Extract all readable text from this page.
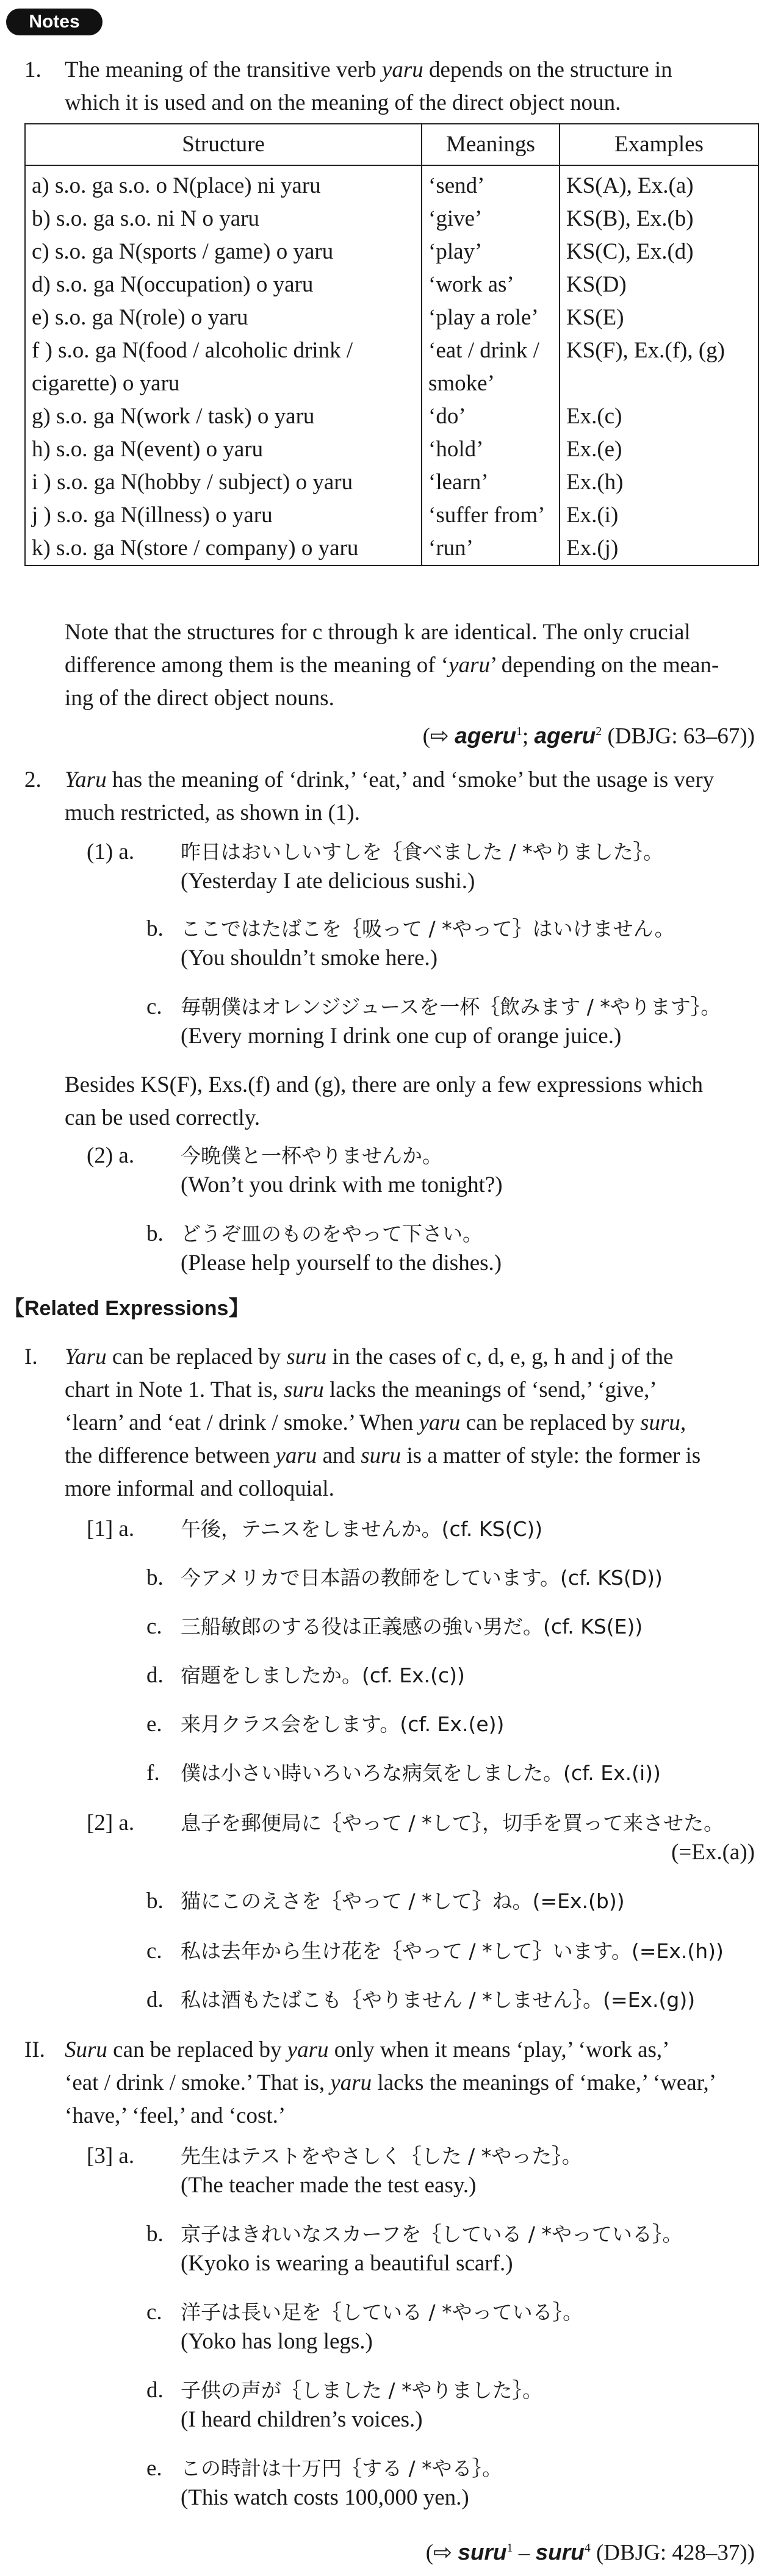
Notes
1. The meaning of the transitive verb yaru depends on the structure in
which it is used and on the meaning of the direct object noun.
Structure	Meanings	Examples
a) s.o. ga s.o. o N(place) ni yaru	‘send’	KS(A), Ex.(a)
b) s.o. ga s.o. ni N o yaru	‘give’	KS(B), Ex.(b)
c) s.o. ga N(sports / game) o yaru	‘play’	KS(C), Ex.(d)
d) s.o. ga N(occupation) o yaru	‘work as’	KS(D)
e) s.o. ga N(role) o yaru	‘play a role’	KS(E)
f ) s.o. ga N(food / alcoholic drink /	‘eat / drink /	KS(F), Ex.(f), (g)
cigarette) o yaru	smoke’	
g) s.o. ga N(work / task) o yaru	‘do’	Ex.(c)
h) s.o. ga N(event) o yaru	‘hold’	Ex.(e)
i ) s.o. ga N(hobby / subject) o yaru	‘learn’	Ex.(h)
j ) s.o. ga N(illness) o yaru	‘suffer from’	Ex.(i)
k) s.o. ga N(store / company) o yaru	‘run’	Ex.(j)
Note that the structures for c through k are identical. The only crucial
difference among them is the meaning of ‘yaru’ depending on the mean-
ing of the direct object nouns.
(⇨ ageru$^1$; ageru$^2$ (DBJG: 63–67))
2. Yaru has the meaning of ‘drink,’ ‘eat,’ and ‘smoke’ but the usage is very
much restricted, as shown in (1).
(1) a. 昨日はおいしいすしを｛食べました / *やりました｝。
(Yesterday I ate delicious sushi.)
b. ここではたばこを｛吸って / *やって｝はいけません。
(You shouldn’t smoke here.)
c. 毎朝僕はオレンジジュースを一杯｛飲みます / *やります｝。
(Every morning I drink one cup of orange juice.)
Besides KS(F), Exs.(f) and (g), there are only a few expressions which
can be used correctly.
(2) a. 今晩僕と一杯やりませんか。
(Won’t you drink with me tonight?)
b. どうぞ皿のものをやって下さい。
(Please help yourself to the dishes.)
【Related Expressions】
I. Yaru can be replaced by suru in the cases of c, d, e, g, h and j of the
chart in Note 1. That is, suru lacks the meanings of ‘send,’ ‘give,’
‘learn’ and ‘eat / drink / smoke.’ When yaru can be replaced by suru,
the difference between yaru and suru is a matter of style: the former is
more informal and colloquial.
[1] a. 午後，テニスをしませんか。(cf. KS(C))
b. 今アメリカで日本語の教師をしています。(cf. KS(D))
c. 三船敏郎のする役は正義感の強い男だ。(cf. KS(E))
d. 宿題をしましたか。(cf. Ex.(c))
e. 来月クラス会をします。(cf. Ex.(e))
f. 僕は小さい時いろいろな病気をしました。(cf. Ex.(i))
[2] a. 息子を郵便局に｛やって / *して｝，切手を買って来させた。
(=Ex.(a))
b. 猫にこのえさを｛やって / *して｝ね。(=Ex.(b))
c. 私は去年から生け花を｛やって / *して｝います。(=Ex.(h))
d. 私は酒もたばこも｛やりません / *しません｝。(=Ex.(g))
II. Suru can be replaced by yaru only when it means ‘play,’ ‘work as,’
‘eat / drink / smoke.’ That is, yaru lacks the meanings of ‘make,’ ‘wear,’
‘have,’ ‘feel,’ and ‘cost.’
[3] a. 先生はテストをやさしく｛した / *やった｝。
(The teacher made the test easy.)
b. 京子はきれいなスカーフを｛している / *やっている｝。
(Kyoko is wearing a beautiful scarf.)
c. 洋子は長い足を｛している / *やっている｝。
(Yoko has long legs.)
d. 子供の声が｛しました / *やりました｝。
(I heard children’s voices.)
e. この時計は十万円｛する / *やる｝。
(This watch costs 100,000 yen.)
(⇨ suru$^1$ – suru$^4$ (DBJG: 428–37))
